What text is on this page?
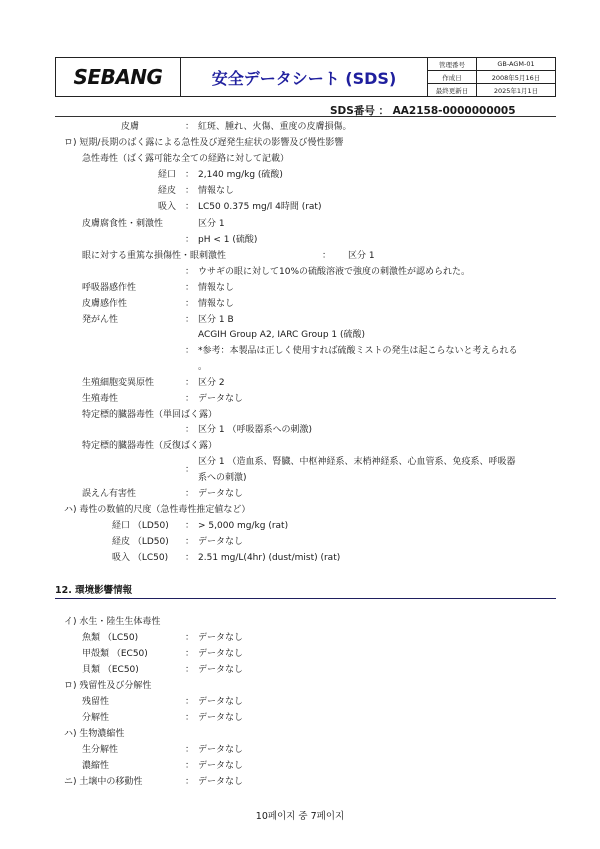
SEBANG	安全データシート (SDS)
管理番号	GB-AGM-01
作成日	2008年5月16日
最終更新日	2025年1月1日
SDS番号 ： AA2158-0000000005
皮膚	： 紅斑、腫れ、火傷、重度の皮膚損傷。
ロ) 短期/長期のばく露による急性及び遅発生症状の影響及び慢性影響
急性毒性（ばく露可能な全ての経路に対して記載）
経口 ： 2,140 mg/kg (硫酸)
経皮 ： 情報なし
吸入 ： LC50 0.375 mg/l 4時間 (rat)
皮膚腐食性・刺激性	区分 1
： pH < 1 (硫酸)
眼に対する重篤な損傷性・眼刺激性	： 区分 1
： ウサギの眼に対して10%の硫酸溶液で強度の刺激性が認められた。
呼吸器感作性	： 情報なし
皮膚感作性	： 情報なし
発がん性	： 区分 1 B
ACGIH Group A2, IARC Group 1 (硫酸)
： *参考：本製品は正しく使用すれば硫酸ミストの発生は起こらないと考えられる
。
生殖細胞変異原性	： 区分 2
生殖毒性	： データなし
特定標的臓器毒性（単回ばく露）
： 区分 1 （呼吸器系への刺激)
特定標的臓器毒性（反復ばく露）
区分 1 （造血系、腎臓、中枢神経系、末梢神経系、心血管系、免疫系、呼吸器
：
系への刺激)
誤えん有害性	： データなし
ハ) 毒性の数値的尺度（急性毒性推定値など）
経口 （LD50) ： > 5,000 mg/kg (rat)
経皮 （LD50) ： データなし
吸入 （LC50) ： 2.51 mg/L(4hr) (dust/mist) (rat)
12. 環境影響情報
イ) 水生・陸生生体毒性
魚類 （LC50)	： データなし
甲殻類 （EC50)	： データなし
貝類 （EC50)	： データなし
ロ) 残留性及び分解性
残留性	： データなし
分解性	： データなし
ハ) 生物濃縮性
生分解性	： データなし
濃縮性	： データなし
ニ) 土壌中の移動性	： データなし
10페이지 중 7페이지
